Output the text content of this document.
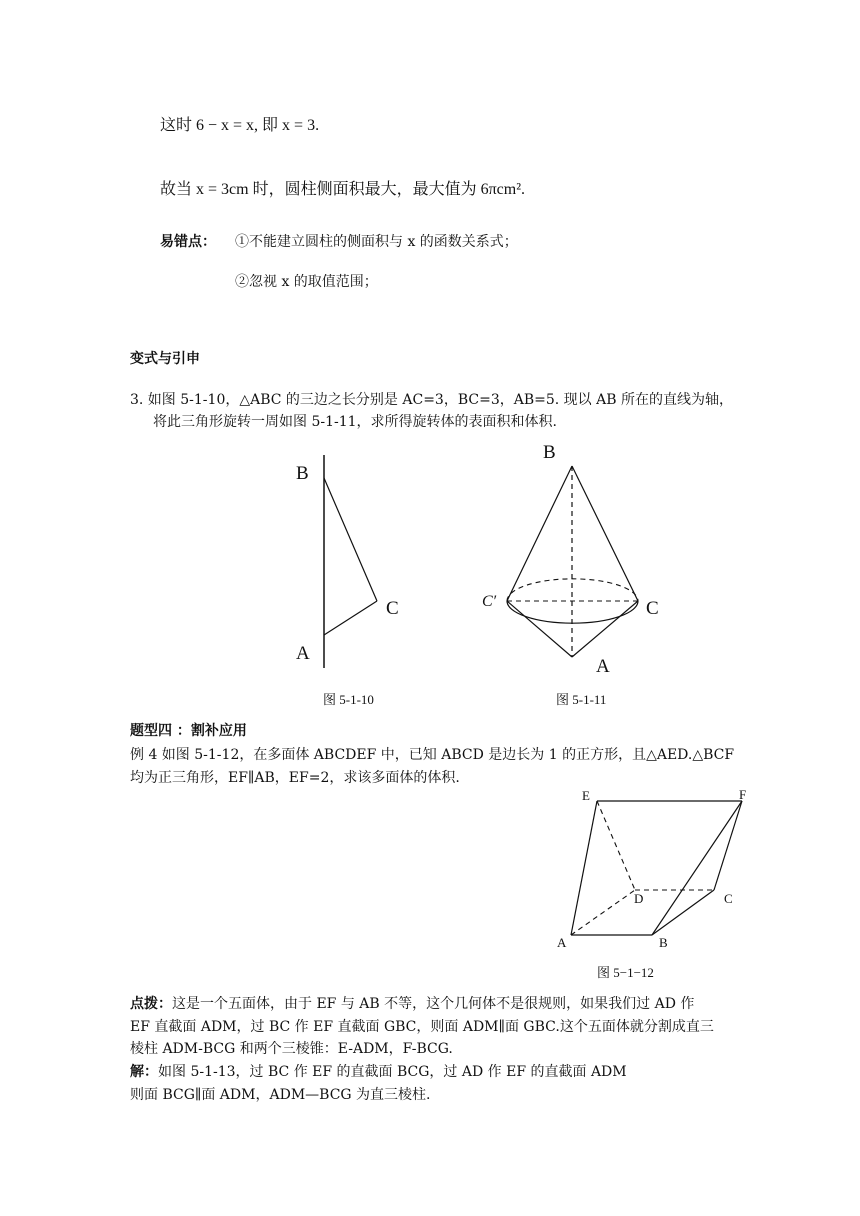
这时 6 − x = x, 即 x = 3.
故当 x = 3cm 时，圆柱侧面积最大，最大值为 6πcm².
易错点： ①不能建立圆柱的侧面积与 x 的函数关系式；
②忽视 x 的取值范围；
变式与引申
3. 如图 5-1-10，△ABC 的三边之长分别是 AC=3，BC=3，AB=5. 现以 AB 所在的直线为轴，
将此三角形旋转一周如图 5-1-11，求所得旋转体的表面积和体积.
B
C
A
B
C
C′
A
E	F
D	C
A	B
图 5-1-10	图 5-1-11
题型四 ：割补应用
例 4 如图 5-1-12，在多面体 ABCDEF 中，已知 ABCD 是边长为 1 的正方形，且△AED.△BCF
均为正三角形，EF∥AB，EF=2，求该多面体的体积.
图 5−1−12
点拨：这是一个五面体，由于 EF 与 AB 不等，这个几何体不是很规则，如果我们过 AD 作
EF 直截面 ADM，过 BC 作 EF 直截面 GBC，则面 ADM∥面 GBC.这个五面体就分割成直三
棱柱 ADM-BCG 和两个三棱锥：E-ADM，F-BCG.
解：如图 5-1-13，过 BC 作 EF 的直截面 BCG，过 AD 作 EF 的直截面 ADM
则面 BCG∥面 ADM，ADM—BCG 为直三棱柱.
